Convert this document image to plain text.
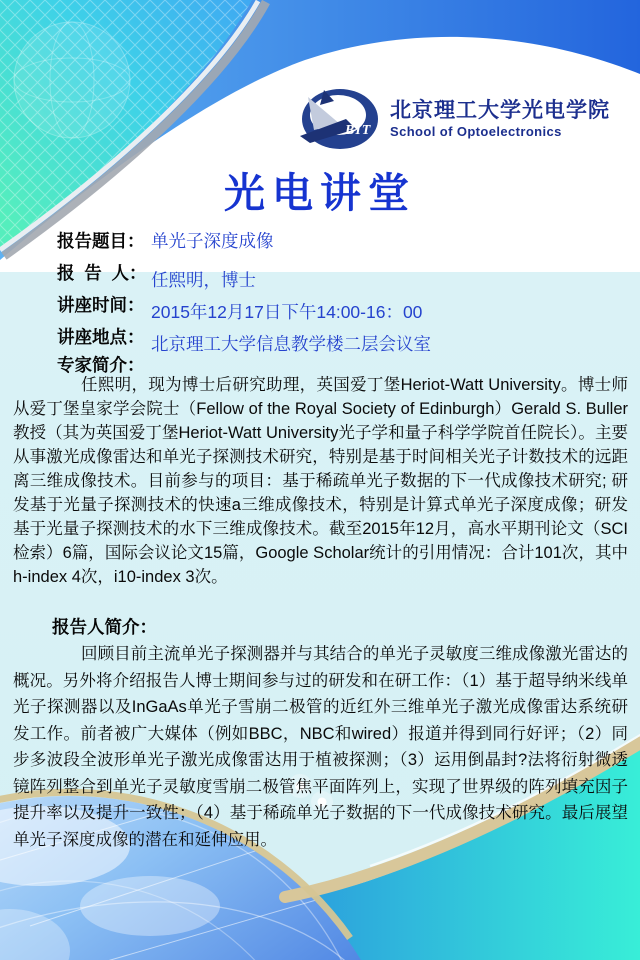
BIT
北京理工大学光电学院
School of Optoelectronics
光电讲堂
报告题目： 单光子深度成像
报  告  人： 任熙明，博士
讲座时间： 2015年12月17日下午14:00-16：00
讲座地点： 北京理工大学信息教学楼二层会议室
专家简介：
任熙明，现为博士后研究助理，英国爱丁堡Heriot-Watt University。博士师从爱丁堡皇家学会院士（Fellow of the Royal Society of Edinburgh）Gerald S. Buller教授（其为英国爱丁堡Heriot-Watt University光子学和量子科学学院首任院长）。主要从事激光成像雷达和单光子探测技术研究，特别是基于时间相关光子计数技术的远距离三维成像技术。目前参与的项目：基于稀疏单光子数据的下一代成像技术研究; 研发基于光量子探测技术的快速a三维成像技术，特别是计算式单光子深度成像；研发基于光量子探测技术的水下三维成像技术。截至2015年12月，高水平期刊论文（SCI检索）6篇，国际会议论文15篇，Google Scholar统计的引用情况：合计101次，其中h-index 4次，i10-index 3次。
报告人简介：
回顾目前主流单光子探测器并与其结合的单光子灵敏度三维成像激光雷达的概况。另外将介绍报告人博士期间参与过的研发和在研工作：（1）基于超导纳米线单光子探测器以及InGaAs单光子雪崩二极管的近红外三维单光子激光成像雷达系统研发工作。前者被广大媒体（例如BBC，NBC和wired）报道并得到同行好评；（2）同步多波段全波形单光子激光成像雷达用于植被探测；（3）运用倒晶封?法将衍射微透镜阵列整合到单光子灵敏度雪崩二极管焦平面阵列上，实现了世界级的阵列填充因子提升率以及提升一致性；（4）基于稀疏单光子数据的下一代成像技术研究。最后展望单光子深度成像的潜在和延伸应用。
